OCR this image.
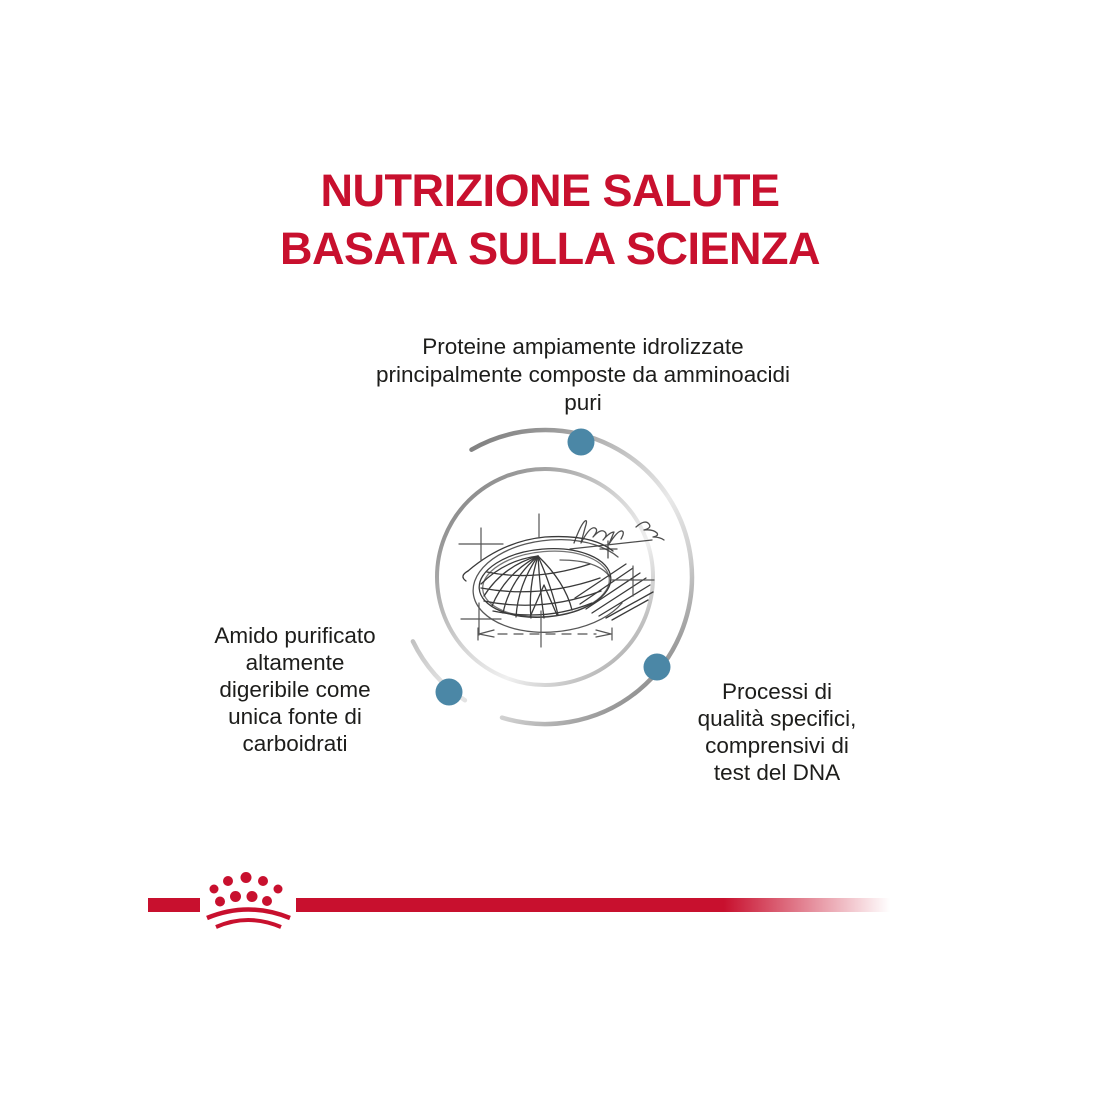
NUTRIZIONE SALUTE
BASATA SULLA SCIENZA
Proteine ampiamente idrolizzate
principalmente composte da amminoacidi
puri
Amido purificato
altamente
digeribile come
unica fonte di
carboidrati
Processi di
qualità specifici,
comprensivi di
test del DNA
